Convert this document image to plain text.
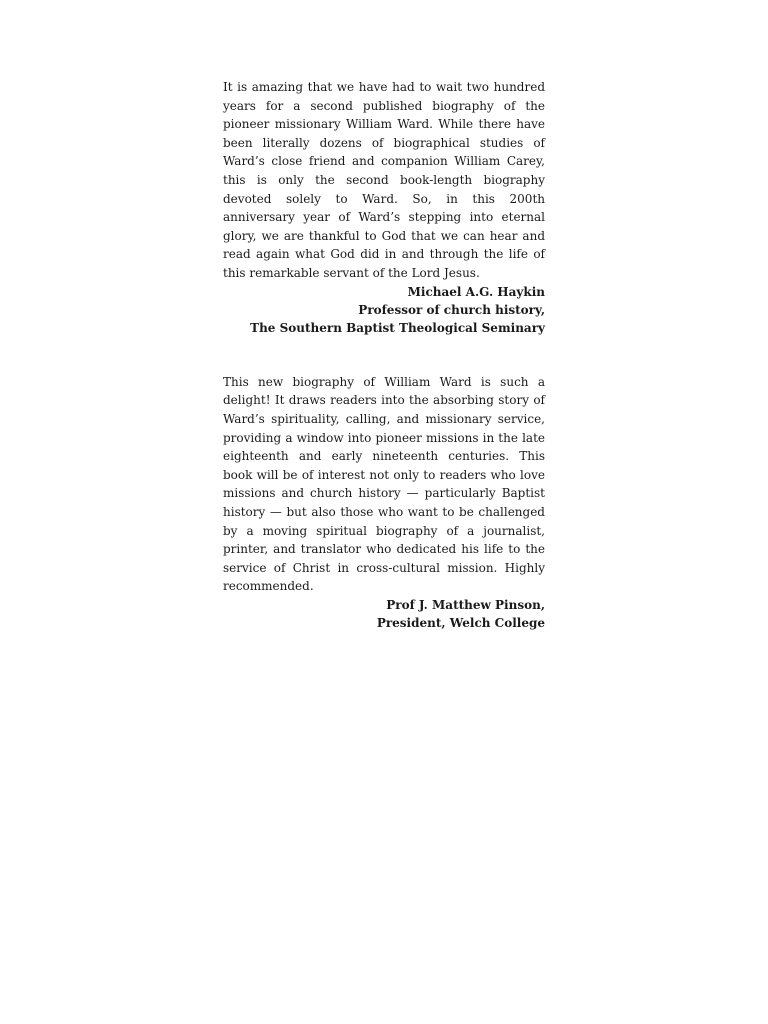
It is amazing that we have had to wait two hundred years for a second published biography of the pioneer missionary William Ward. While there have been literally dozens of biographical studies of Ward’s close friend and companion William Carey, this is only the second book-length biography devoted solely to Ward. So, in this 200th anniversary year of Ward’s stepping into eternal glory, we are thankful to God that we can hear and read again what God did in and through the life of this remarkable servant of the Lord Jesus.

Michael A.G. Haykin
Professor of church history,
The Southern Baptist Theological Seminary

This new biography of William Ward is such a delight! It draws readers into the absorbing story of Ward’s spirituality, calling, and missionary service, providing a window into pioneer missions in the late eighteenth and early nineteenth centuries. This book will be of interest not only to readers who love missions and church history — particularly Baptist history — but also those who want to be challenged by a moving spiritual biography of a journalist, printer, and translator who dedicated his life to the service of Christ in cross-cultural mission. Highly recommended.

Prof J. Matthew Pinson,
President, Welch College
